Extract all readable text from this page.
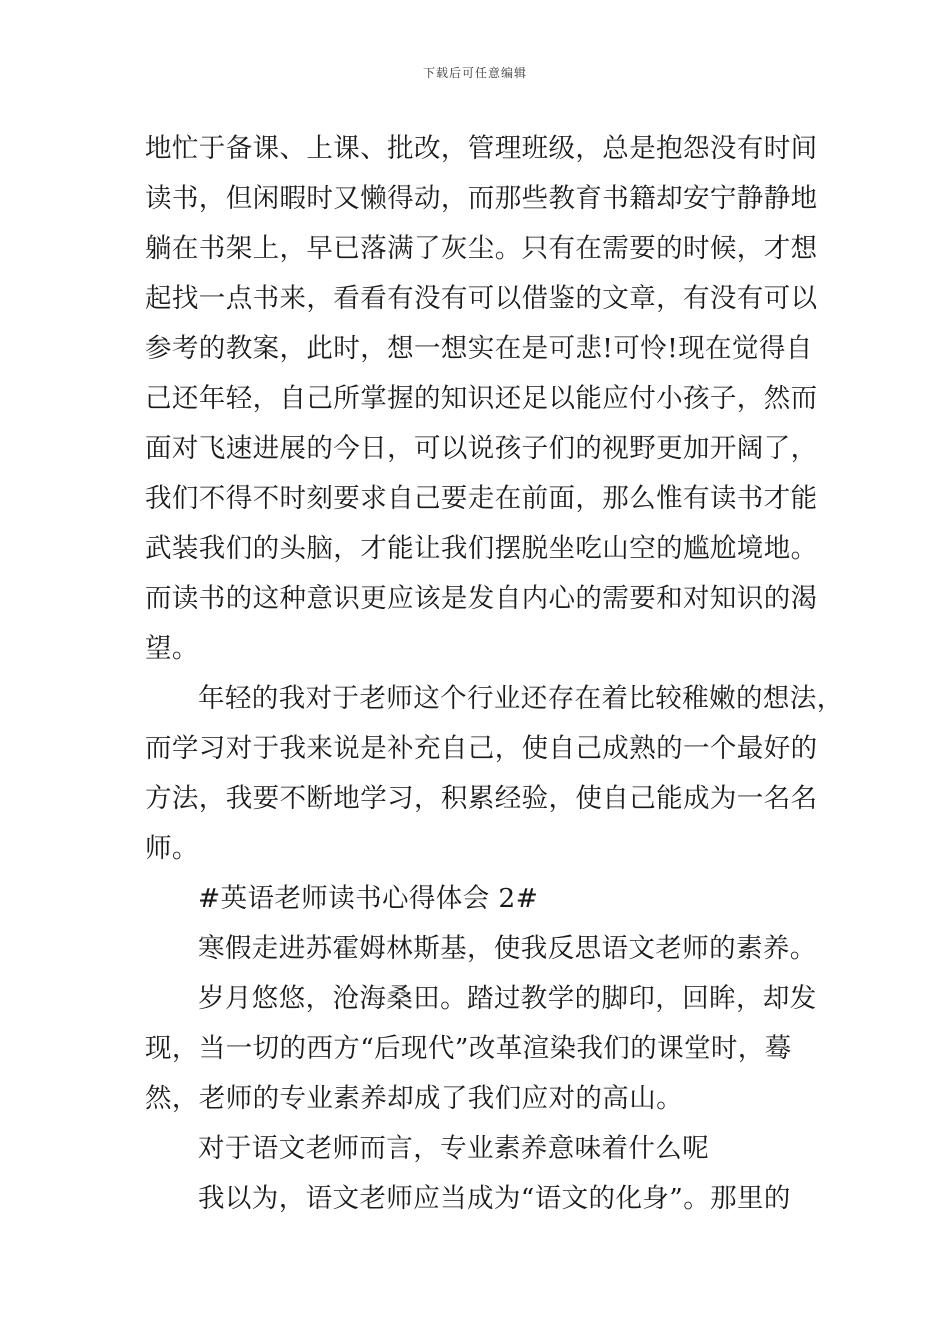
下载后可任意编辑
地忙于备课、上课、批改，管理班级，总是抱怨没有时间
读书，但闲暇时又懒得动，而那些教育书籍却安宁静静地
躺在书架上，早已落满了灰尘。只有在需要的时候，才想
起找一点书来，看看有没有可以借鉴的文章，有没有可以
参考的教案，此时，想一想实在是可悲!可怜!现在觉得自
己还年轻，自己所掌握的知识还足以能应付小孩子，然而
面对飞速进展的今日，可以说孩子们的视野更加开阔了，
我们不得不时刻要求自己要走在前面，那么惟有读书才能
武装我们的头脑，才能让我们摆脱坐吃山空的尴尬境地。
而读书的这种意识更应该是发自内心的需要和对知识的渴
望。
年轻的我对于老师这个行业还存在着比较稚嫩的想法，
而学习对于我来说是补充自己，使自己成熟的一个最好的
方法，我要不断地学习，积累经验，使自己能成为一名名
师。
#英语老师读书心得体会 2#
寒假走进苏霍姆林斯基，使我反思语文老师的素养。
岁月悠悠，沧海桑田。踏过教学的脚印，回眸，却发
现，当一切的西方“后现代”改革渲染我们的课堂时，蓦
然，老师的专业素养却成了我们应对的高山。
对于语文老师而言，专业素养意味着什么呢
我以为，语文老师应当成为“语文的化身”。那里的
